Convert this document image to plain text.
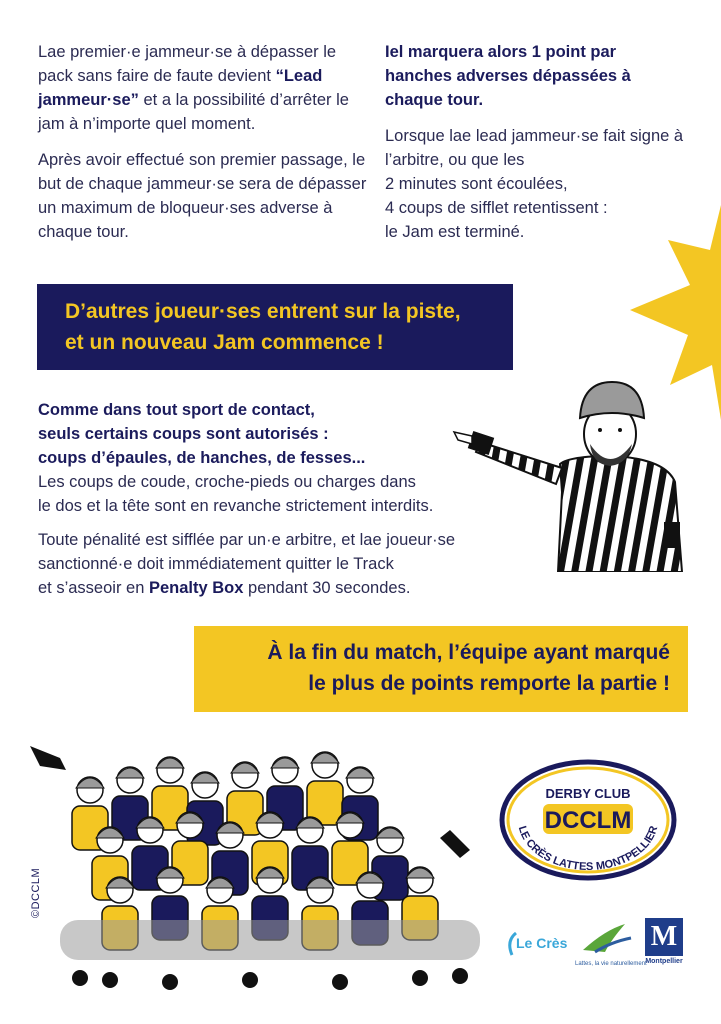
Lae premier·e jammeur·se à dépasser le pack sans faire de faute devient “Lead jammeur·se” et a la possibilité d’arrêter le jam à n’importe quel moment.

Après avoir effectué son premier passage, le but de chaque jammeur·se sera de dépasser un maximum de bloqueur·ses adverse à chaque tour.

Iel marquera alors 1 point par hanches adverses dépassées à chaque tour.

Lorsque lae lead jammeur·se fait signe à l’arbitre, ou que les

2 minutes sont écoulées,

4 coups de sifflet retentissent :

le Jam est terminé.

D’autres joueur·ses entrent sur la piste,

et un nouveau Jam commence !

Comme dans tout sport de contact,

seuls certains coups sont autorisés :

coups d’épaules, de hanches, de fesses...

Les coups de coude, croche-pieds ou charges dans

le dos et la tête sont en revanche strictement interdits.

Toute pénalité est sifflée par un·e arbitre, et lae joueur·se

sanctionné·e doit immédiatement quitter le Track

et s’asseoir en Penalty Box pendant 30 secondes.

À la fin du match, l’équipe ayant marqué

le plus de points remporte la partie !

©DCCLM
DERBY CLUB
DCCLM
LE CRÈS LATTES MONTPELLIER
Le Crès
Lattes, la vie naturellement
M
Montpellier
